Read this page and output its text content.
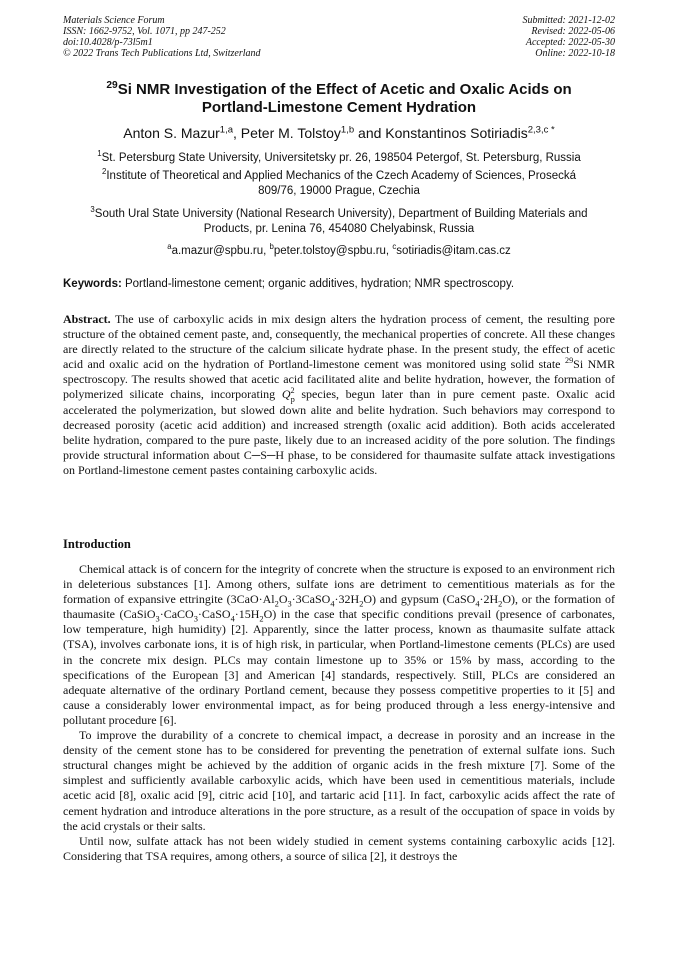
Materials Science Forum
ISSN: 1662-9752, Vol. 1071, pp 247-252
doi:10.4028/p-73l5m1
© 2022 Trans Tech Publications Ltd, Switzerland
Submitted: 2021-12-02
Revised: 2022-05-06
Accepted: 2022-05-30
Online: 2022-10-18
$^{29}$Si NMR Investigation of the Effect of Acetic and Oxalic Acids on
Portland-Limestone Cement Hydration
Anton S. Mazur$^{1,a}$, Peter M. Tolstoy$^{1,b}$ and Konstantinos Sotiriadis$^{2,3,c *}$
$^1$St. Petersburg State University, Universitetsky pr. 26, 198504 Petergof, St. Petersburg, Russia
$^2$Institute of Theoretical and Applied Mechanics of the Czech Academy of Sciences, Prosecká
809/76, 19000 Prague, Czechia
$^3$South Ural State University (National Research University), Department of Building Materials and
Products, pr. Lenina 76, 454080 Chelyabinsk, Russia
$^a$a.mazur@spbu.ru, $^b$peter.tolstoy@spbu.ru, $^c$sotiriadis@itam.cas.cz
Keywords: Portland-limestone cement; organic additives, hydration; NMR spectroscopy.

Abstract. The use of carboxylic acids in mix design alters the hydration process of cement, the resulting pore structure of the obtained cement paste, and, consequently, the mechanical properties of concrete. All these changes are directly related to the structure of the calcium silicate hydrate phase. In the present study, the effect of acetic acid and oxalic acid on the hydration of Portland-limestone cement was monitored using solid state $^{29}$Si NMR spectroscopy. The results showed that acetic acid facilitated alite and belite hydration, however, the formation of polymerized silicate chains, incorporating $Q^2_p$ species, begun later than in pure cement paste. Oxalic acid accelerated the polymerization, but slowed down alite and belite hydration. Such behaviors may correspond to decreased porosity (acetic acid addition) and increased strength (oxalic acid addition). Both acids accelerated belite hydration, compared to the pure paste, likely due to an increased acidity of the pore solution. The findings provide structural information about C─S─H phase, to be considered for thaumasite sulfate attack investigations on Portland-limestone cement pastes containing carboxylic acids.

Introduction

Chemical attack is of concern for the integrity of concrete when the structure is exposed to an environment rich in deleterious substances [1]. Among others, sulfate ions are detriment to cementitious materials as for the formation of expansive ettringite $(3CaO\cdot Al_2O_3\cdot 3CaSO_4\cdot 32H_2O)$ and gypsum $(CaSO_4\cdot 2H_2O)$, or the formation of thaumasite $(CaSiO_3\cdot CaCO_3\cdot CaSO_4\cdot 15H_2O)$ in the case that specific conditions prevail (presence of carbonates, low temperature, high humidity) [2]. Apparently, since the latter process, known as thaumasite sulfate attack (TSA), involves carbonate ions, it is of high risk, in particular, when Portland-limestone cements (PLCs) are used in the concrete mix design. PLCs may contain limestone up to 35% or 15% by mass, according to the specifications of the European [3] and American [4] standards, respectively. Still, PLCs are considered an adequate alternative of the ordinary Portland cement, because they possess competitive properties to it [5] and cause a considerably lower environmental impact, as for being produced through a less energy-intensive and pollutant procedure [6].

To improve the durability of a concrete to chemical impact, a decrease in porosity and an increase in the density of the cement stone has to be considered for preventing the penetration of external sulfate ions. Such structural changes might be achieved by the addition of organic acids in the fresh mixture [7]. Some of the simplest and sufficiently available carboxylic acids, which have been used in cementitious materials, include acetic acid [8], oxalic acid [9], citric acid [10], and tartaric acid [11]. In fact, carboxylic acids affect the rate of cement hydration and introduce alterations in the pore structure, as a result of the occupation of space in voids by the acid crystals or their salts.

Until now, sulfate attack has not been widely studied in cement systems containing carboxylic acids [12]. Considering that TSA requires, among others, a source of silica [2], it destroys the
